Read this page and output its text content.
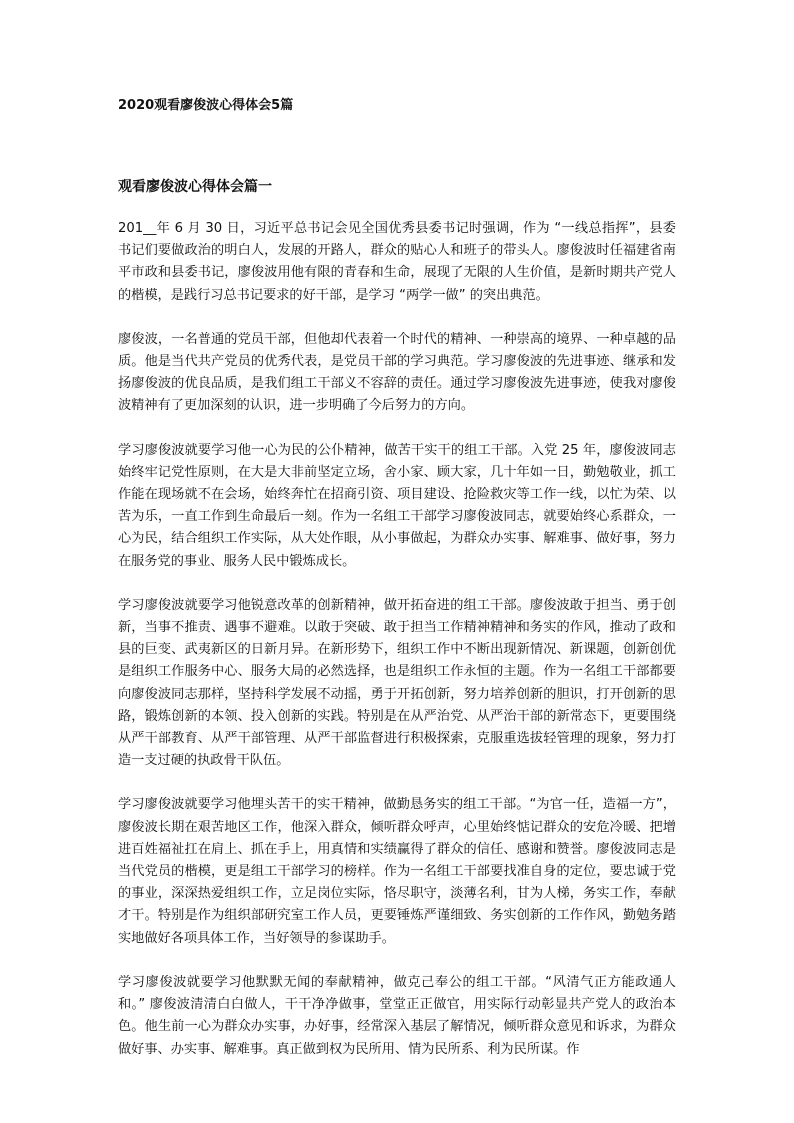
2020观看廖俊波心得体会5篇
观看廖俊波心得体会篇一

201__年 6 月 30 日，习近平总书记会见全国优秀县委书记时强调，作为 “一线总指挥”，县委书记们要做政治的明白人，发展的开路人，群众的贴心人和班子的带头人。廖俊波时任福建省南平市政和县委书记，廖俊波用他有限的青春和生命，展现了无限的人生价值，是新时期共产党人的楷模，是践行习总书记要求的好干部，是学习 “两学一做” 的突出典范。

廖俊波，一名普通的党员干部，但他却代表着一个时代的精神、一种崇高的境界、一种卓越的品质。他是当代共产党员的优秀代表，是党员干部的学习典范。学习廖俊波的先进事迹、继承和发扬廖俊波的优良品质，是我们组工干部义不容辞的责任。通过学习廖俊波先进事迹，使我对廖俊波精神有了更加深刻的认识，进一步明确了今后努力的方向。

学习廖俊波就要学习他一心为民的公仆精神，做苦干实干的组工干部。入党 25 年，廖俊波同志始终牢记党性原则，在大是大非前坚定立场，舍小家、顾大家，几十年如一日，勤勉敬业，抓工作能在现场就不在会场，始终奔忙在招商引资、项目建设、抢险救灾等工作一线，以忙为荣、以苦为乐，一直工作到生命最后一刻。作为一名组工干部学习廖俊波同志，就要始终心系群众，一心为民，结合组织工作实际，从大处作眼，从小事做起，为群众办实事、解难事、做好事，努力在服务党的事业、服务人民中锻炼成长。

学习廖俊波就要学习他锐意改革的创新精神，做开拓奋进的组工干部。廖俊波敢于担当、勇于创新，当事不推责、遇事不避难。以敢于突破、敢于担当工作精神精神和务实的作风，推动了政和县的巨变、武夷新区的日新月异。在新形势下，组织工作中不断出现新情况、新课题，创新创优是组织工作服务中心、服务大局的必然选择，也是组织工作永恒的主题。作为一名组工干部都要向廖俊波同志那样，坚持科学发展不动摇，勇于开拓创新，努力培养创新的胆识，打开创新的思路，锻炼创新的本领、投入创新的实践。特别是在从严治党、从严治干部的新常态下，更要围绕从严干部教育、从严干部管理、从严干部监督进行积极探索，克服重选拔轻管理的现象，努力打造一支过硬的执政骨干队伍。

学习廖俊波就要学习他埋头苦干的实干精神，做勤恳务实的组工干部。“为官一任，造福一方”，廖俊波长期在艰苦地区工作，他深入群众，倾听群众呼声，心里始终惦记群众的安危冷暖、把增进百姓福祉扛在肩上、抓在手上，用真情和实绩赢得了群众的信任、感谢和赞誉。廖俊波同志是当代党员的楷模，更是组工干部学习的榜样。作为一名组工干部要找准自身的定位，要忠诚于党的事业，深深热爱组织工作，立足岗位实际，恪尽职守，淡薄名利，甘为人梯，务实工作，奉献才干。特别是作为组织部研究室工作人员，更要锤炼严谨细致、务实创新的工作作风，勤勉务踏实地做好各项具体工作，当好领导的参谋助手。

学习廖俊波就要学习他默默无闻的奉献精神，做克己奉公的组工干部。“风清气正方能政通人和。” 廖俊波清清白白做人，干干净净做事，堂堂正正做官，用实际行动彰显共产党人的政治本色。他生前一心为群众办实事，办好事，经常深入基层了解情况，倾听群众意见和诉求，为群众做好事、办实事、解难事。真正做到权为民所用、情为民所系、利为民所谋。作
